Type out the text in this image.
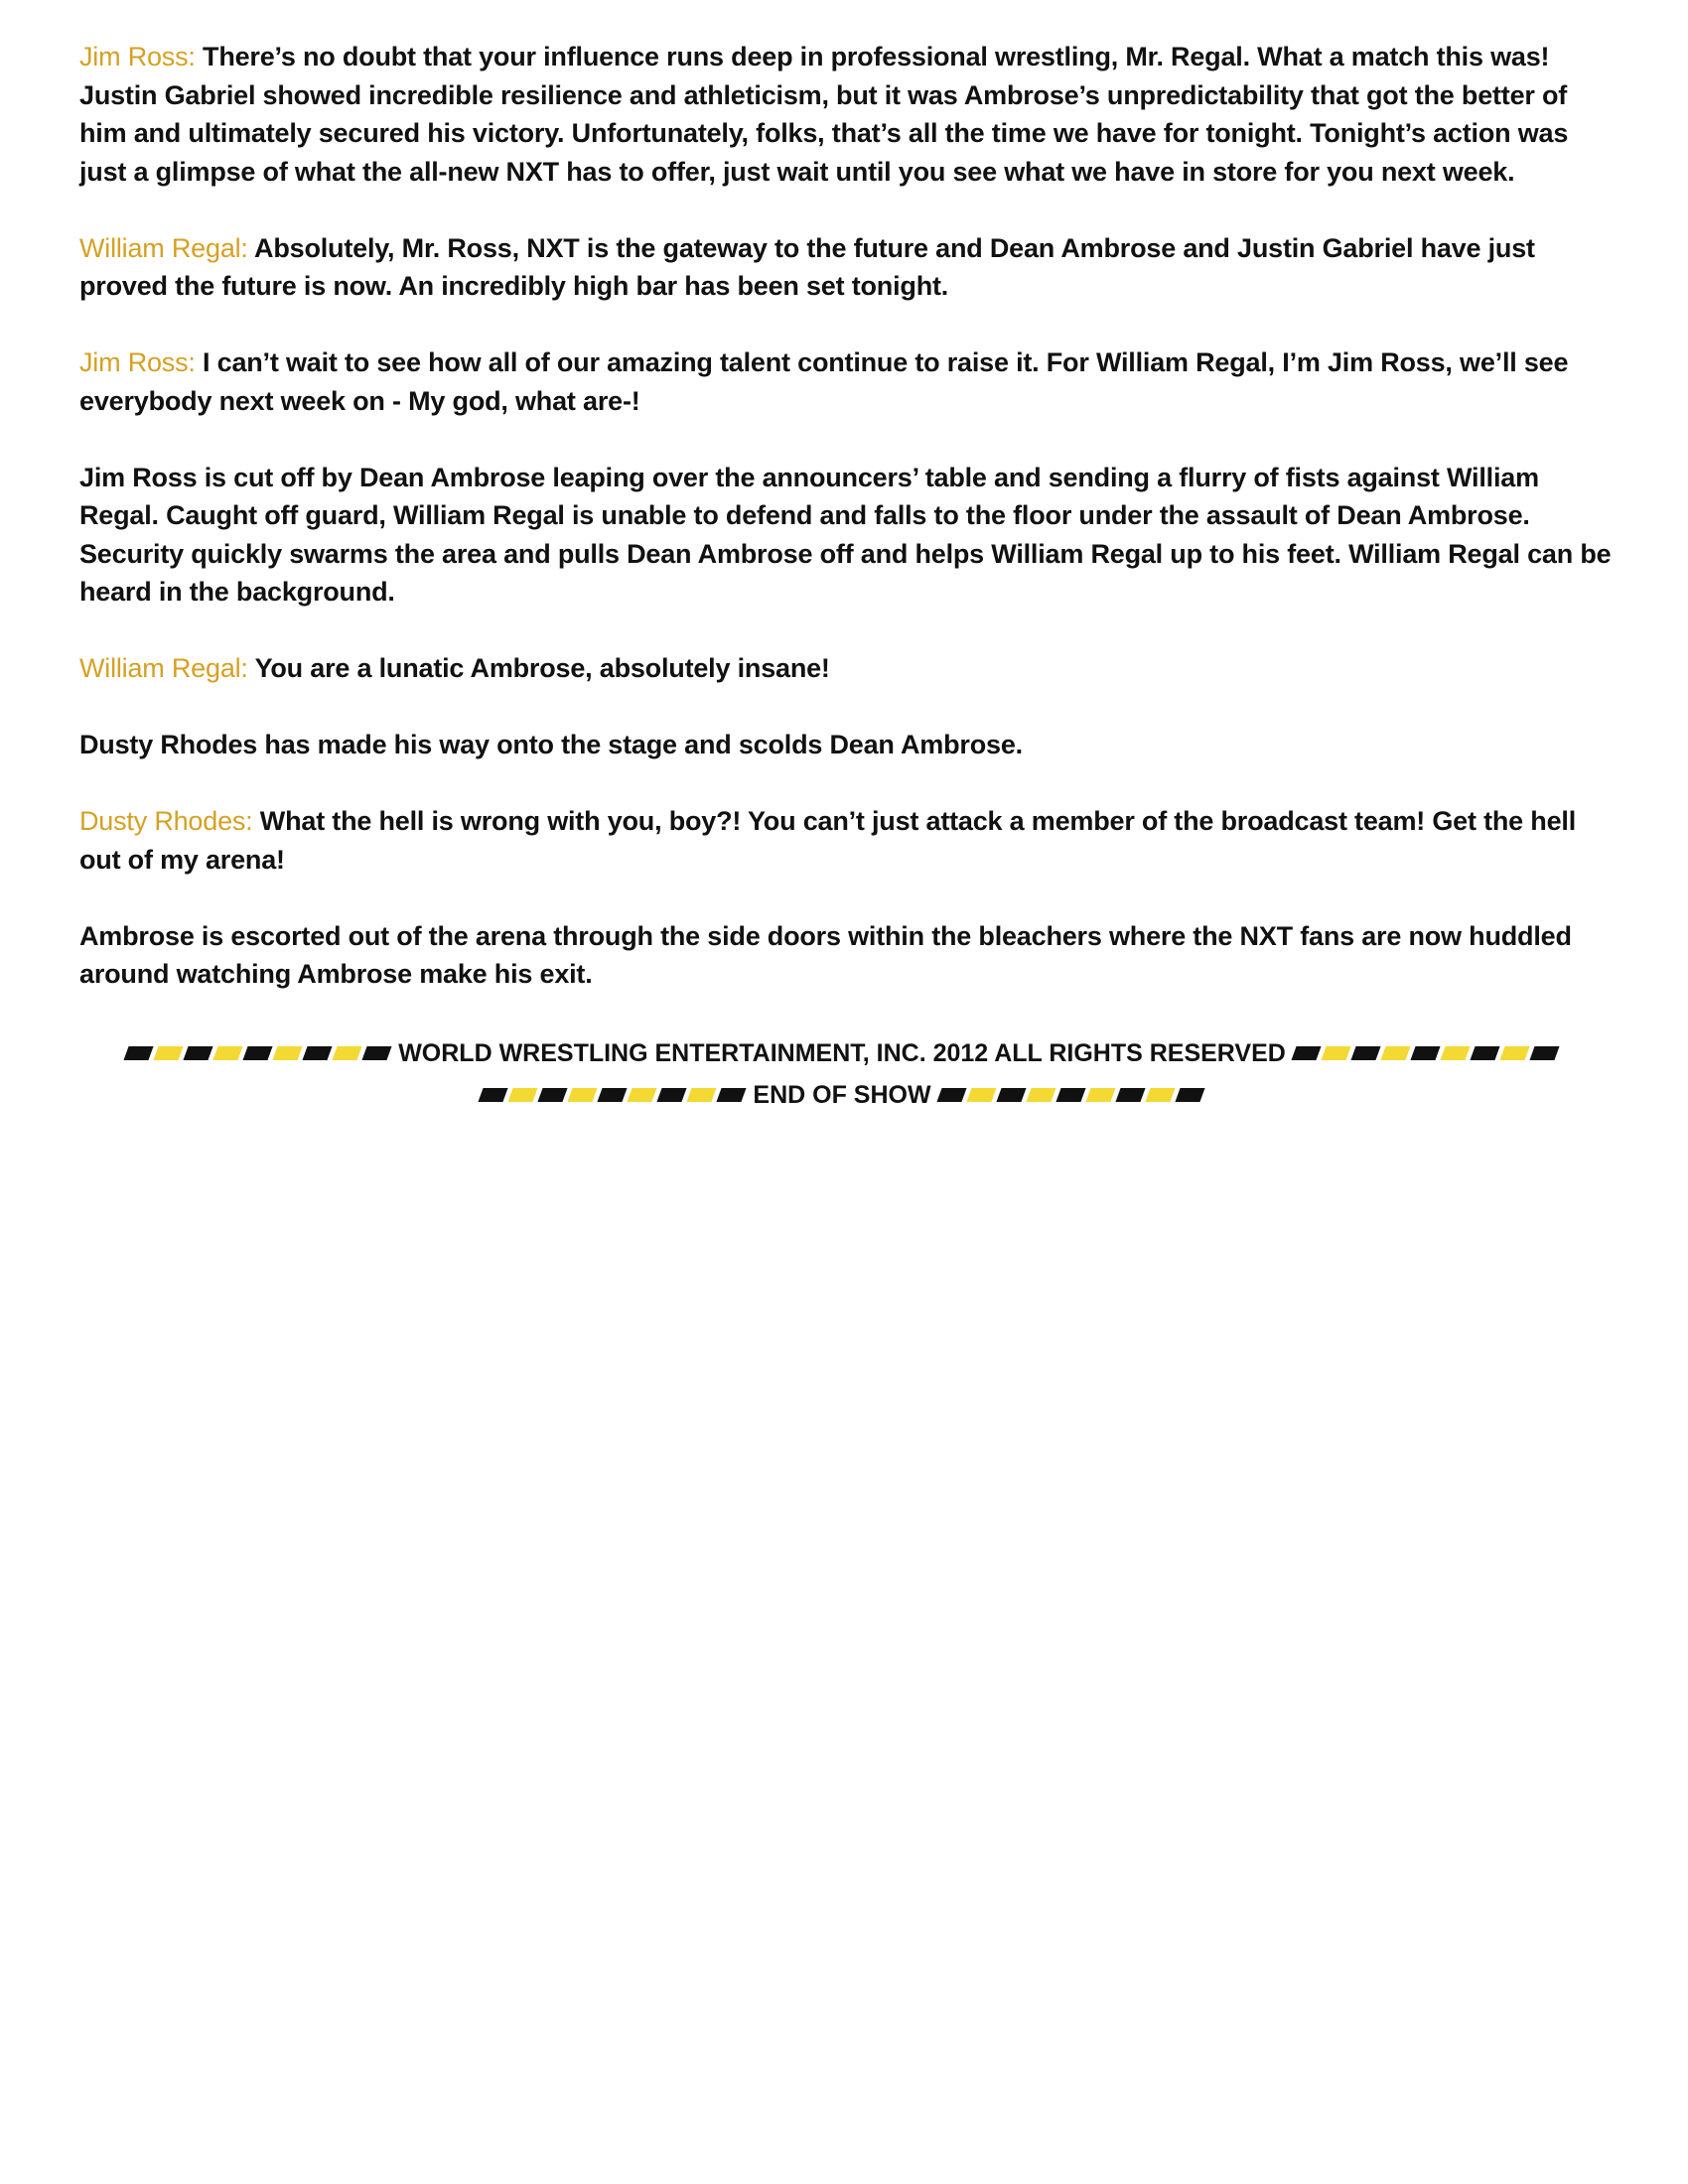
Jim Ross: There’s no doubt that your influence runs deep in professional wrestling, Mr. Regal. What a match this was! Justin Gabriel showed incredible resilience and athleticism, but it was Ambrose’s unpredictability that got the better of him and ultimately secured his victory. Unfortunately, folks, that’s all the time we have for tonight. Tonight’s action was just a glimpse of what the all-new NXT has to offer, just wait until you see what we have in store for you next week.

William Regal: Absolutely, Mr. Ross, NXT is the gateway to the future and Dean Ambrose and Justin Gabriel have just proved the future is now. An incredibly high bar has been set tonight.

Jim Ross: I can’t wait to see how all of our amazing talent continue to raise it. For William Regal, I’m Jim Ross, we’ll see everybody next week on - My god, what are-!

Jim Ross is cut off by Dean Ambrose leaping over the announcers’ table and sending a flurry of fists against William Regal. Caught off guard, William Regal is unable to defend and falls to the floor under the assault of Dean Ambrose. Security quickly swarms the area and pulls Dean Ambrose off and helps William Regal up to his feet. William Regal can be heard in the background.

William Regal: You are a lunatic Ambrose, absolutely insane!

Dusty Rhodes has made his way onto the stage and scolds Dean Ambrose.

Dusty Rhodes: What the hell is wrong with you, boy?! You can’t just attack a member of the broadcast team! Get the hell out of my arena!

Ambrose is escorted out of the arena through the side doors within the bleachers where the NXT fans are now huddled around watching Ambrose make his exit.

WORLD WRESTLING ENTERTAINMENT, INC. 2012 ALL RIGHTS RESERVED
END OF SHOW
